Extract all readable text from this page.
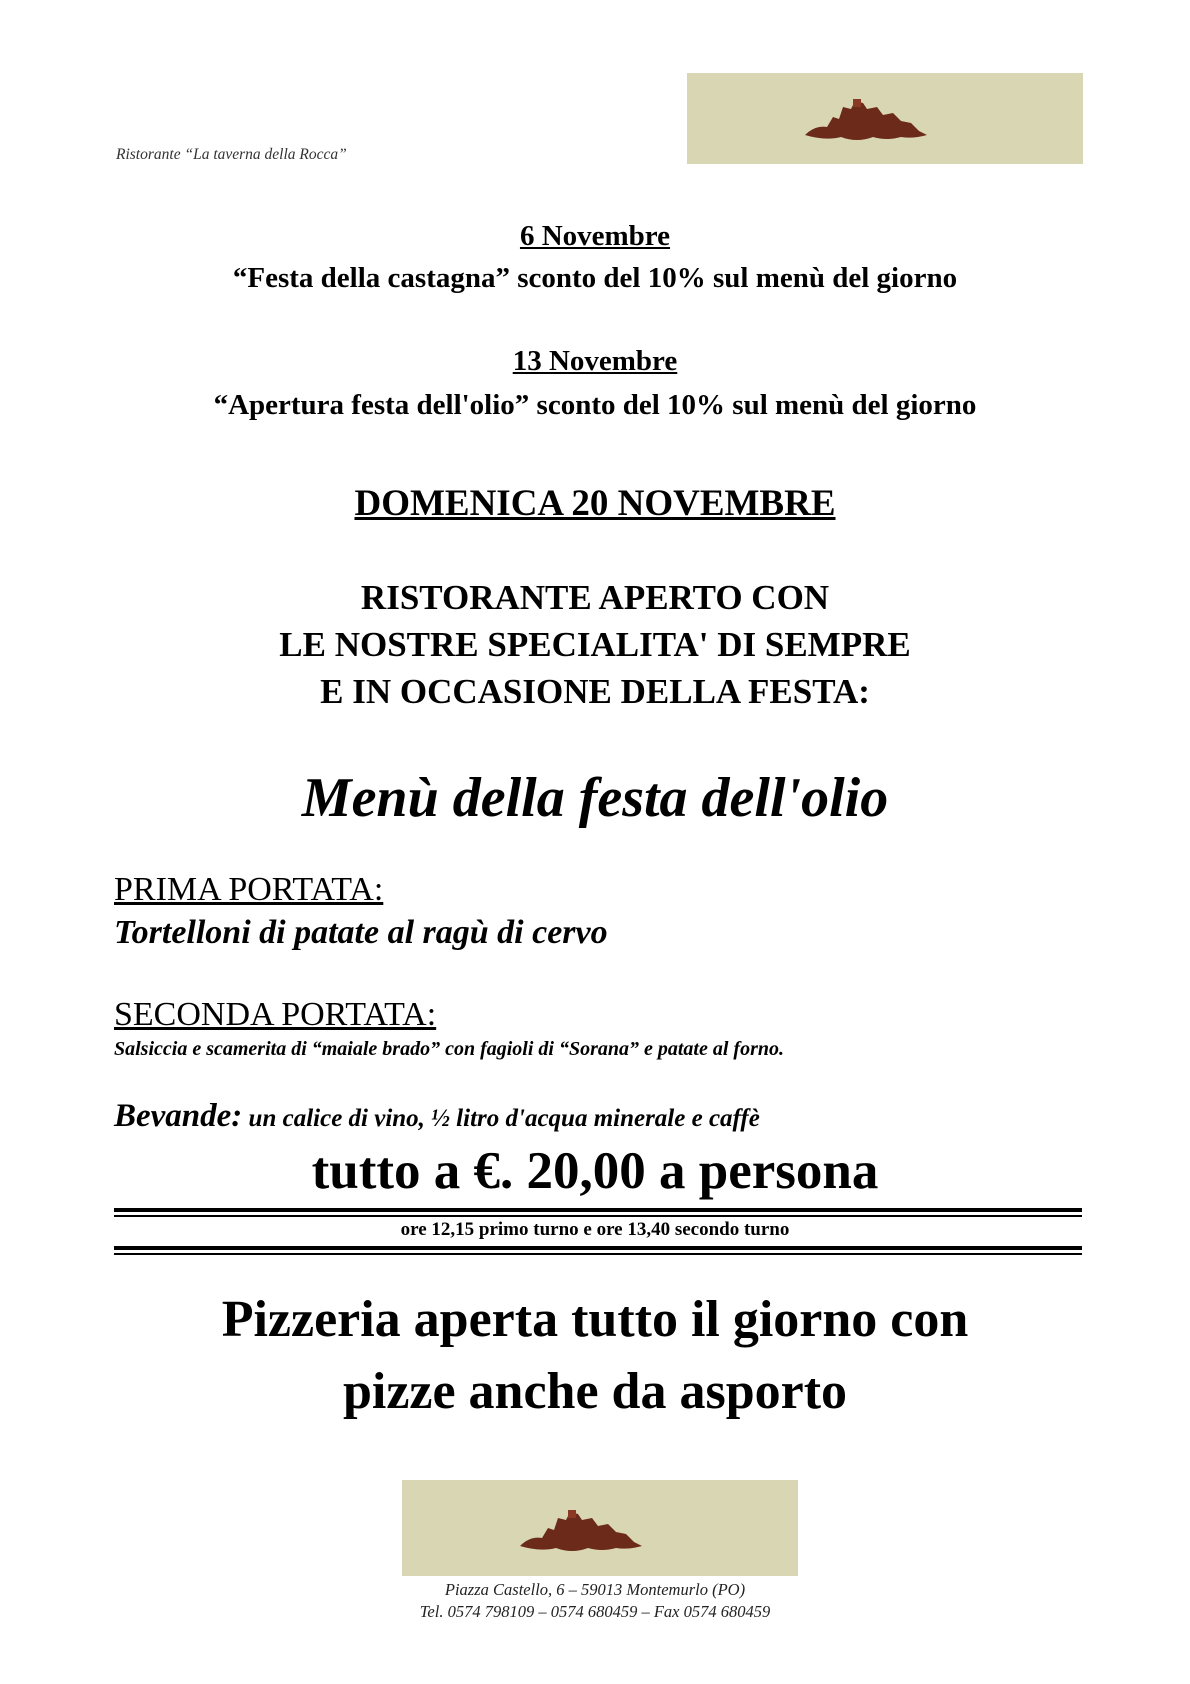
Ristorante “La taverna della Rocca”
6 Novembre
“Festa della castagna” sconto del 10% sul menù del giorno
13 Novembre
“Apertura festa dell'olio” sconto del 10% sul menù del giorno
DOMENICA 20 NOVEMBRE
RISTORANTE APERTO CON
LE NOSTRE SPECIALITA' DI SEMPRE
E IN OCCASIONE DELLA FESTA:
Menù della festa dell'olio
PRIMA PORTATA:
Tortelloni di patate al ragù di cervo
SECONDA PORTATA:
Salsiccia e scamerita di “maiale brado” con fagioli di “Sorana” e patate al forno.
Bevande: un calice di vino, ½ litro d'acqua minerale e caffè
tutto a €. 20,00 a persona
ore 12,15 primo turno e ore 13,40 secondo turno
Pizzeria aperta tutto il giorno con
pizze anche da asporto
Piazza Castello, 6 – 59013 Montemurlo (PO)
Tel. 0574 798109 – 0574 680459 – Fax 0574 680459
